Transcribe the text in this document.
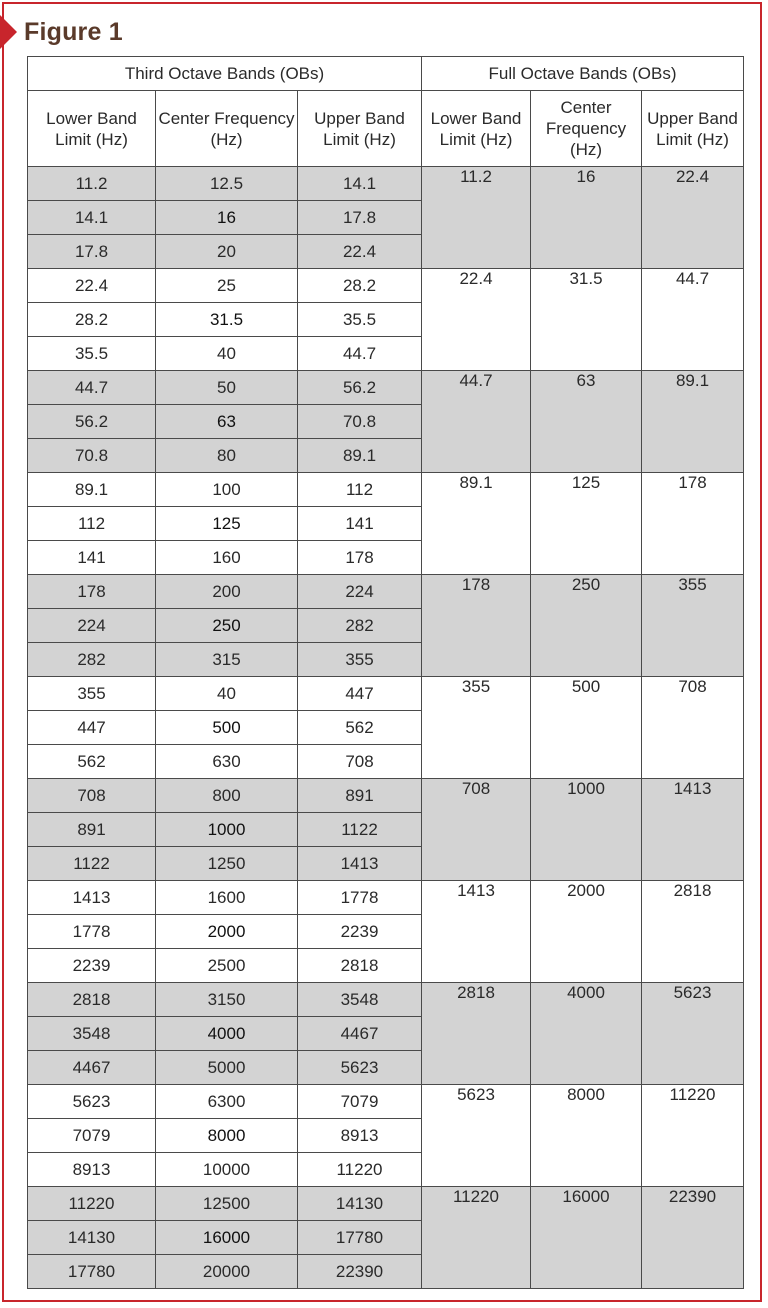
Figure 1
Third Octave Bands (OBs)			Full Octave Bands (OBs)		
Lower Band Limit (Hz)	Center Frequency (Hz)	Upper Band Limit (Hz)	Lower Band Limit (Hz)	Center Frequency (Hz)	Upper Band Limit (Hz)
11.2	12.5	14.1	11.2	16	22.4
14.1	16	17.8			
17.8	20	22.4			
22.4	25	28.2	22.4	31.5	44.7
28.2	31.5	35.5			
35.5	40	44.7			
44.7	50	56.2	44.7	63	89.1
56.2	63	70.8			
70.8	80	89.1			
89.1	100	112	89.1	125	178
112	125	141			
141	160	178			
178	200	224	178	250	355
224	250	282			
282	315	355			
355	40	447	355	500	708
447	500	562			
562	630	708			
708	800	891	708	1000	1413
891	1000	1122			
1122	1250	1413			
1413	1600	1778	1413	2000	2818
1778	2000	2239			
2239	2500	2818			
2818	3150	3548	2818	4000	5623
3548	4000	4467			
4467	5000	5623			
5623	6300	7079	5623	8000	11220
7079	8000	8913			
8913	10000	11220			
11220	12500	14130	11220	16000	22390
14130	16000	17780			
17780	20000	22390			
